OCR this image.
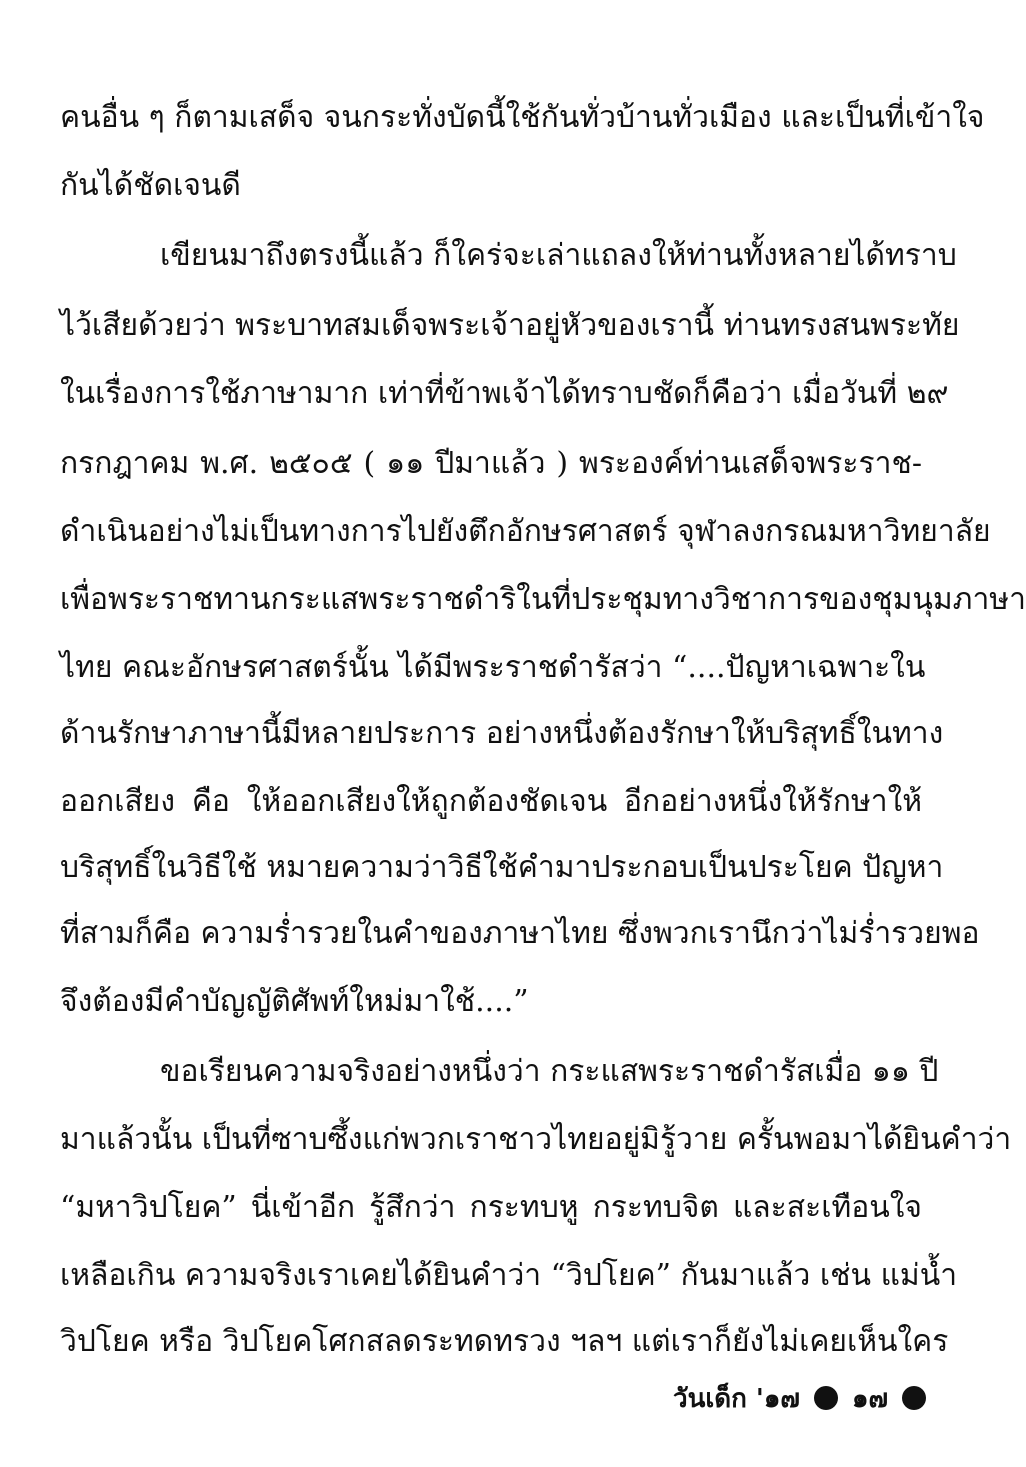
คนอื่น ๆ ก็ตามเสด็จ จนกระทั่งบัดนี้ใช้กันทั่วบ้านทั่วเมือง และเป็นที่เข้าใจ
กันได้ชัดเจนดี
เขียนมาถึงตรงนี้แล้ว ก็ใคร่จะเล่าแถลงให้ท่านทั้งหลายได้ทราบ
ไว้เสียด้วยว่า พระบาทสมเด็จพระเจ้าอยู่หัวของเรานี้ ท่านทรงสนพระทัย
ในเรื่องการใช้ภาษามาก เท่าที่ข้าพเจ้าได้ทราบชัดก็คือว่า เมื่อวันที่ ๒๙
กรกฎาคม พ.ศ. ๒๕๐๕ ( ๑๑ ปีมาแล้ว ) พระองค์ท่านเสด็จพระราช-
ดำเนินอย่างไม่เป็นทางการไปยังตึกอักษรศาสตร์ จุฬาลงกรณมหาวิทยาลัย
เพื่อพระราชทานกระแสพระราชดำริในที่ประชุมทางวิชาการของชุมนุมภาษา
ไทย คณะอักษรศาสตร์นั้น ได้มีพระราชดำรัสว่า “....ปัญหาเฉพาะใน
ด้านรักษาภาษานี้มีหลายประการ อย่างหนึ่งต้องรักษาให้บริสุทธิ์ในทาง
ออกเสียง คือ ให้ออกเสียงให้ถูกต้องชัดเจน อีกอย่างหนึ่งให้รักษาให้
บริสุทธิ์ในวิธีใช้ หมายความว่าวิธีใช้คำมาประกอบเป็นประโยค ปัญหา
ที่สามก็คือ ความร่ำรวยในคำของภาษาไทย ซึ่งพวกเรานึกว่าไม่ร่ำรวยพอ
จึงต้องมีคำบัญญัติศัพท์ใหม่มาใช้....”
ขอเรียนความจริงอย่างหนึ่งว่า กระแสพระราชดำรัสเมื่อ ๑๑ ปี
มาแล้วนั้น เป็นที่ซาบซึ้งแก่พวกเราชาวไทยอยู่มิรู้วาย ครั้นพอมาได้ยินคำว่า
“มหาวิปโยค” นี่เข้าอีก รู้สึกว่า กระทบหู กระทบจิต และสะเทือนใจ
เหลือเกิน ความจริงเราเคยได้ยินคำว่า “วิปโยค” กันมาแล้ว เช่น แม่น้ำ
วิปโยค หรือ วิปโยคโศกสลดระทดทรวง ฯลฯ แต่เราก็ยังไม่เคยเห็นใคร
วันเด็ก '๑๗ ๑๗
